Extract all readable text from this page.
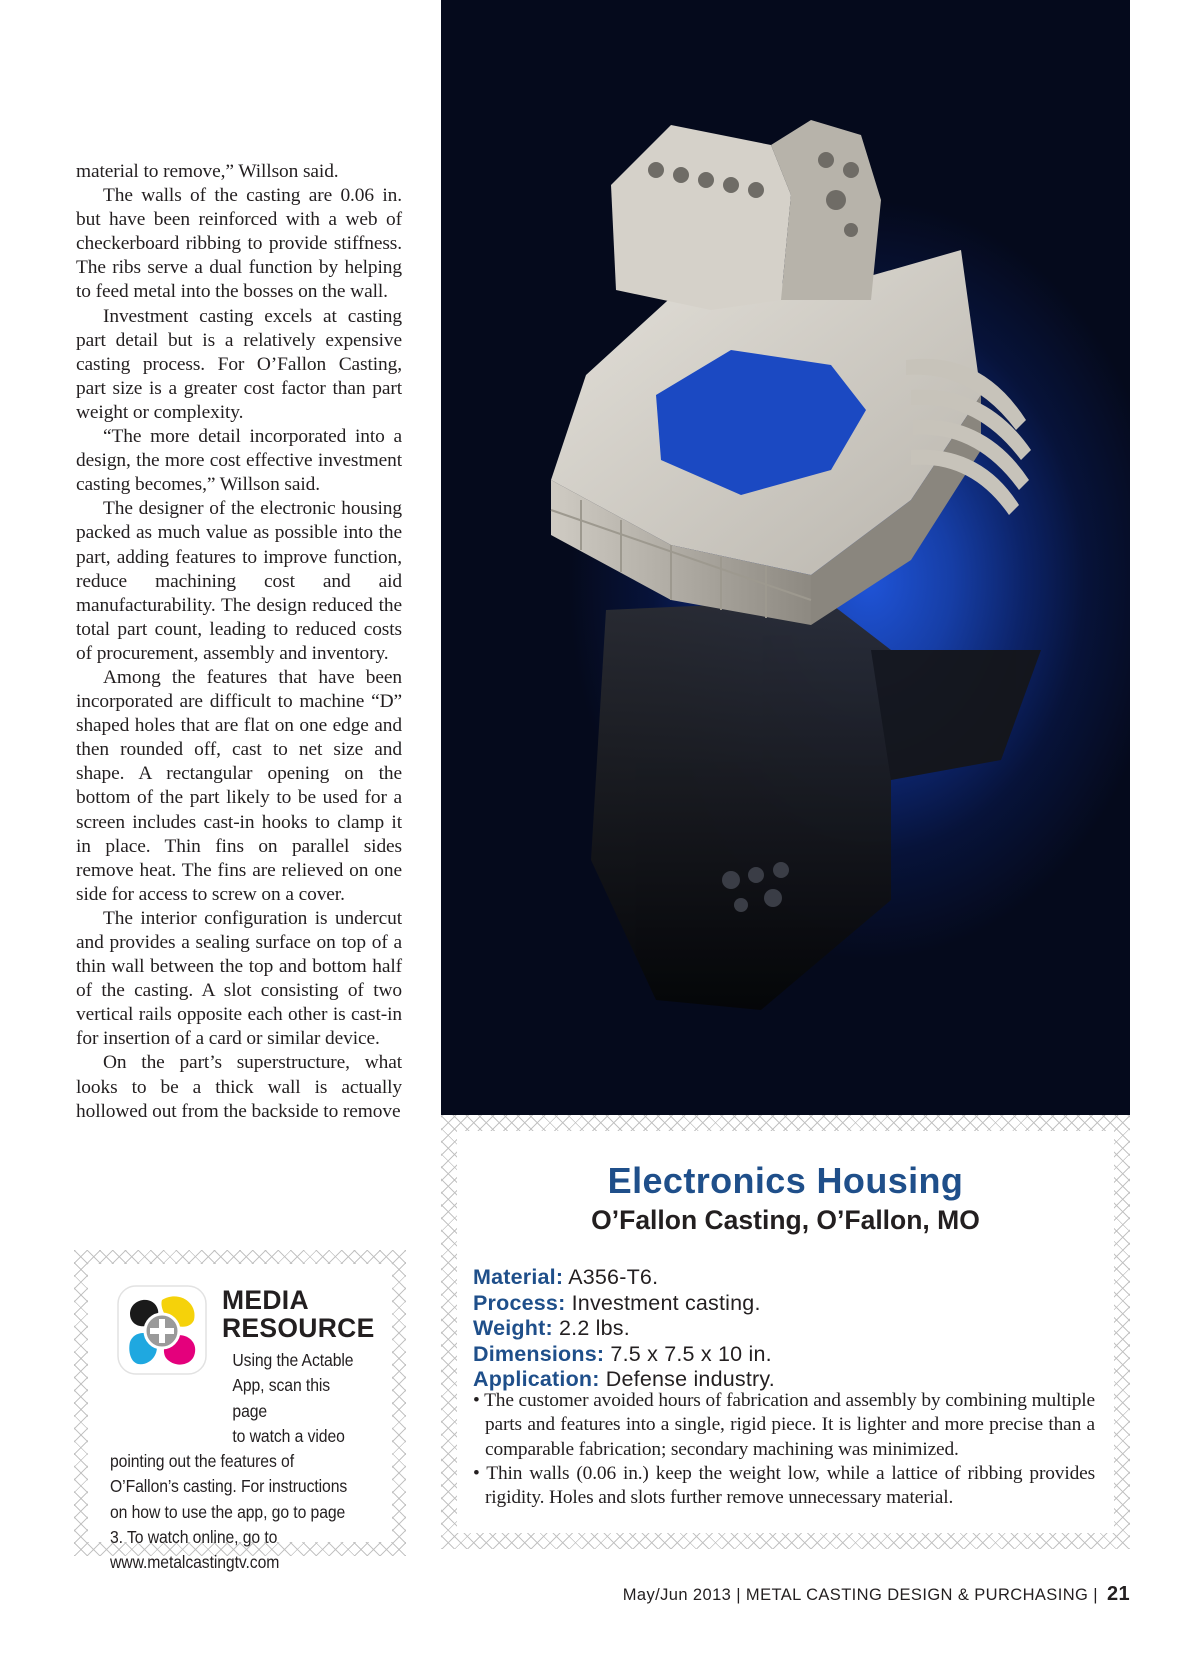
material to remove,” Willson said.

The walls of the casting are 0.06 in. but have been reinforced with a web of checkerboard ribbing to provide stiffness. The ribs serve a dual function by helping to feed metal into the bosses on the wall.

Investment casting excels at casting part detail but is a relatively expensive casting process. For O’Fallon Casting, part size is a greater cost factor than part weight or complexity.

“The more detail incorporated into a design, the more cost effective investment casting becomes,” Willson said.

The designer of the electronic housing packed as much value as possible into the part, adding features to improve function, reduce machining cost and aid manufacturability. The design reduced the total part count, leading to reduced costs of procurement, assembly and inventory.

Among the features that have been incorporated are difficult to machine “D” shaped holes that are flat on one edge and then rounded off, cast to net size and shape. A rectangular opening on the bottom of the part likely to be used for a screen includes cast-in hooks to clamp it in place. Thin fins on parallel sides remove heat. The fins are relieved on one side for access to screw on a cover.

The interior configuration is undercut and provides a sealing surface on top of a thin wall between the top and bottom half of the casting. A slot consisting of two vertical rails opposite each other is cast-in for insertion of a card or similar device.

On the part’s superstructure, what looks to be a thick wall is actually hollowed out from the backside to remove

MEDIA
RESOURCE
Using the Actable
App, scan this page
to watch a video
pointing out the features of O’Fallon’s casting. For instructions on how to use the app, go to page 3. To watch online, go to www.metalcastingtv.com
Electronics Housing
O’Fallon Casting, O’Fallon, MO
Material: A356-T6.
Process: Investment casting.
Weight: 2.2 lbs.
Dimensions: 7.5 x 7.5 x 10 in.
Application: Defense industry.
• The customer avoided hours of fabrication and assembly by combining multiple parts and features into a single, rigid piece. It is lighter and more precise than a comparable fabrication; secondary machining was minimized.
• Thin walls (0.06 in.) keep the weight low, while a lattice of ribbing provides rigidity. Holes and slots further remove unnecessary material.
May/Jun 2013 | METAL CASTING DESIGN & PURCHASING | 21
